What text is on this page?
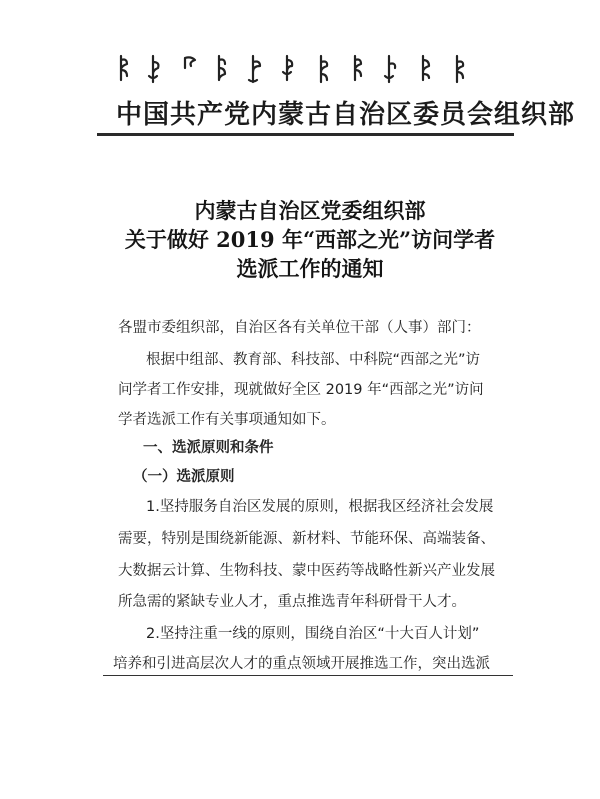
中国共产党内蒙古自治区委员会组织部
内蒙古自治区党委组织部
关于做好 2019 年“西部之光”访问学者
选派工作的通知
各盟市委组织部，自治区各有关单位干部（人事）部门：
根据中组部、教育部、科技部、中科院“西部之光”访
问学者工作安排，现就做好全区 2019 年“西部之光”访问
学者选派工作有关事项通知如下。
一、选派原则和条件
（一）选派原则
1.坚持服务自治区发展的原则，根据我区经济社会发展
需要，特别是围绕新能源、新材料、节能环保、高端装备、
大数据云计算、生物科技、蒙中医药等战略性新兴产业发展
所急需的紧缺专业人才，重点推选青年科研骨干人才。
2.坚持注重一线的原则，围绕自治区“十大百人计划”
培养和引进高层次人才的重点领域开展推选工作，突出选派
